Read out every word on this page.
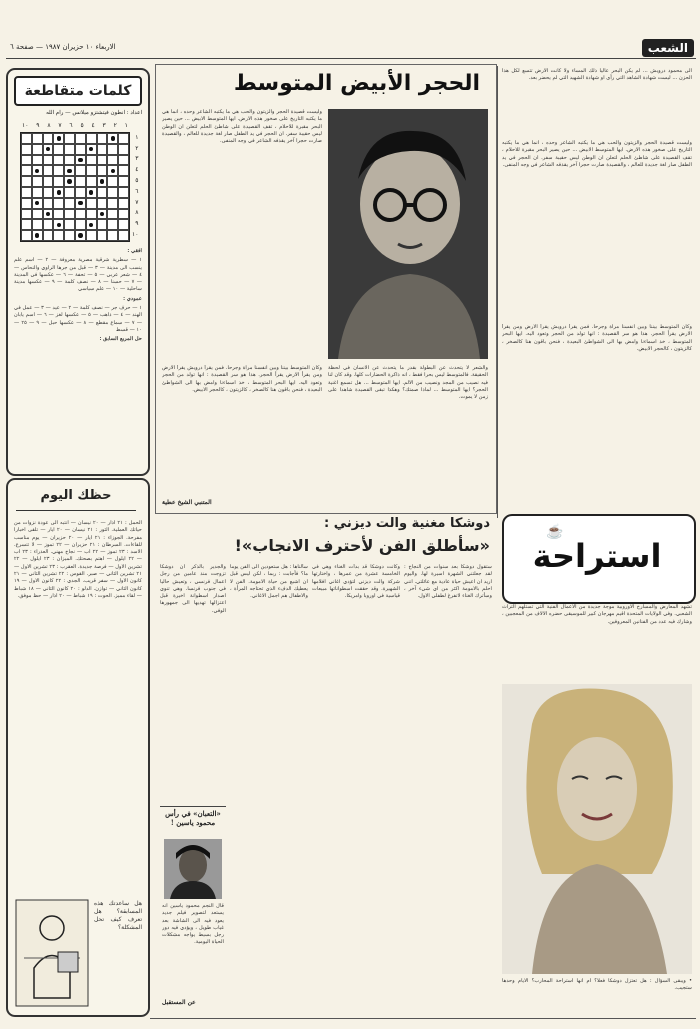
الشعب
الاربعاء ١٠ حزيران ١٩٨٧ — صفحة ٦
كلمات متقاطعة
اعداد : انطون فيتشتزو ميلانس — رام الله
١٠ ٩ ٨ ٧ ٦ ٥ ٤ ٣ ٢ ١
١
٢
٣
٤
٥
٦
٧
٨
٩
١٠

افقي :

١ — سطرية شرقية مصرية معروفة — ٢ — اسم علم ينسب الى مدينة — ٣ — قبل من جرها الراوي والنحاس — ٤ — شعر عربي — ٥ — تحفة — ٦ — عكسها في المدينة — ٧ — حسنا — ٨ — نصف كلمة — ٩ — عكسها مدينة ساحلية — ١٠ — علم سياسي

عمودي :

١ — حرف جر — نصف كلمة — ٢ — عيد — ٣ — عمل في الهند — ٤ — ذاهب — ٥ — عكسها لغز — ٦ — اسم يابان — ٧ — سماع مقطع — ٨ — عكسها حبل — ٩ — ٢٥ — ١٠ — قسط

حل المربع السابق :

حظك اليوم
الحمل : ٢١ اذار — ٢٠ نيسان — انتبه الى عودة نزوات من حياتك العملية. الثور : ٢١ نيسان — ٢٠ ايار — تلقى اخبارا مفرحة. الجوزاء : ٢١ ايار — ٢٠ حزيران — يوم مناسب للقاءات. السرطان : ٢١ حزيران — ٢٢ تموز — لا تتسرع. الاسد : ٢٣ تموز — ٢٢ اب — نجاح مهني. العذراء : ٢٣ اب — ٢٢ ايلول — اهتم بصحتك. الميزان : ٢٣ ايلول — ٢٢ تشرين الاول — فرصة جديدة. العقرب : ٢٣ تشرين الاول — ٢١ تشرين الثاني — صبر. القوس : ٢٢ تشرين الثاني — ٢١ كانون الاول — سفر قريب. الجدي : ٢٢ كانون الاول — ١٩ كانون الثاني — توازن. الدلو : ٢٠ كانون الثاني — ١٨ شباط — لقاء مميز. الحوت : ١٩ شباط — ٢٠ اذار — حظ موفق.
هل ساعدتك هذه المسابقة؟ هل تعرف كيف تحل المشكلة؟
الى محمود درويش ... لم يكن البحر عاليا ذلك المساء ولا كانت الارض تتسع لكل هذا الحزن ... ليست شهادة الشاهد التي رأى او شهادة الشهيد التي لم يحضر بعد.
وليست قصيدة الحجر والزيتون والحب هي ما يكتبه الشاعر وحده ، انما هي ما يكتبه التاريخ على صخور هذه الارض. ايها المتوسط الابيض ... حين يصير البحر مقبرة للاحلام ، تقف القصيدة على شاطئ الحلم لتعلن ان الوطن ليس حقيبة سفر. ان الحجر في يد الطفل صار لغة جديدة للعالم ، والقصيدة صارت حجرا آخر يقذفه الشاعر في وجه المنفى.
وكان المتوسط بيننا وبين انفسنا مرآة وجرحا. فمن يقرأ درويش يقرأ الارض ومن يقرأ الارض يقرأ الحجر. هذا هو سر القصيدة : انها تولد من الحجر وتعود اليه. ايها البحر المتوسط ، خذ اسماءنا وامض بها الى الشواطئ البعيدة ، فنحن باقون هنا كالصخر ، كالزيتون ، كالحجر الابيض.
الحجر الأبيض المتوسط
وليست قصيدة الحجر والزيتون والحب هي ما يكتبه الشاعر وحده ، انما هي ما يكتبه التاريخ على صخور هذه الارض. ايها المتوسط الابيض ... حين يصير البحر مقبرة للاحلام ، تقف القصيدة على شاطئ الحلم لتعلن ان الوطن ليس حقيبة سفر. ان الحجر في يد الطفل صار لغة جديدة للعالم ، والقصيدة صارت حجرا آخر يقذفه الشاعر في وجه المنفى.
وكان المتوسط بيننا وبين انفسنا مرآة وجرحا. فمن يقرأ درويش يقرأ الارض ومن يقرأ الارض يقرأ الحجر. هذا هو سر القصيدة : انها تولد من الحجر وتعود اليه. ايها البحر المتوسط ، خذ اسماءنا وامض بها الى الشواطئ البعيدة ، فنحن باقون هنا كالصخر ، كالزيتون ، كالحجر الابيض.
والشعر لا يتحدث عن البطولة بقدر ما يتحدث عن الانسان في لحظة الحقيقة. فالمتوسط ليس بحرا فقط ، انه ذاكرة الحضارات كلها. وقد كان لنا فيه نصيب من المجد ونصيب من الالم. ايها المتوسط ... هل تسمع اغنية الحجر؟ ايها المتوسط ... لماذا صمتك؟ وهكذا تبقى القصيدة شاهدا على زمن لا يموت.
المتنبي الشيخ عطية
استراحة
☕
دوشكا مغنية والت ديزني :
«سأطلق الفن لأحترف الانجاب»!
ستقول دوشكا بعد سنوات من النجاح : لقد جعلتني الشهرة اسيرة لها. واليوم اريد ان اعيش حياة عادية مع عائلتي. انني احلم بالامومة اكثر من اي شيء آخر ، وسأترك الغناء لاتفرغ لطفلي الاول.
وكانت دوشكا قد بدأت الغناء وهي في الخامسة عشرة من عمرها ، واختارتها شركة والت ديزني لتؤدي اغاني افلامها الشهيرة. وقد حققت اسطواناتها مبيعات قياسية في اوروبا وامريكا.
سألناها : هل ستعودين الى الفن يوما ما؟ فأجابت : ربما ، لكن ليس قبل ان اشبع من حياة الامومة. الفن لا يعطيك الدفء الذي تحتاجه المرأة ، والاطفال هم اجمل الاغاني.
والجدير بالذكر ان دوشكا تزوجت منذ عامين من رجل اعمال فرنسي ، وتعيش حاليا في جنوب فرنسا. وهي تنوي اصدار اسطوانة اخيرة قبل اعتزالها تهديها الى جمهورها الوفي.
«التعبان» في رأس محمود ياسين !
قال النجم محمود ياسين انه يستعد لتصوير فيلم جديد يعود فيه الى الشاشة بعد غياب طويل ، ويؤدي فيه دور رجل بسيط يواجه مشكلات الحياة اليومية.
عن المستقبل
تشهد المعارض والمسارح الاوروبية موجة جديدة من الاعمال الفنية التي تستلهم التراث الشعبي. وفي الولايات المتحدة اقيم مهرجان كبير للموسيقى حضره الالاف من المعجبين ، وشارك فيه عدد من الفنانين المعروفين.
• ويبقى السؤال : هل تعتزل دوشكا فعلا؟ ام انها استراحة المحارب؟ الايام وحدها ستجيب.
